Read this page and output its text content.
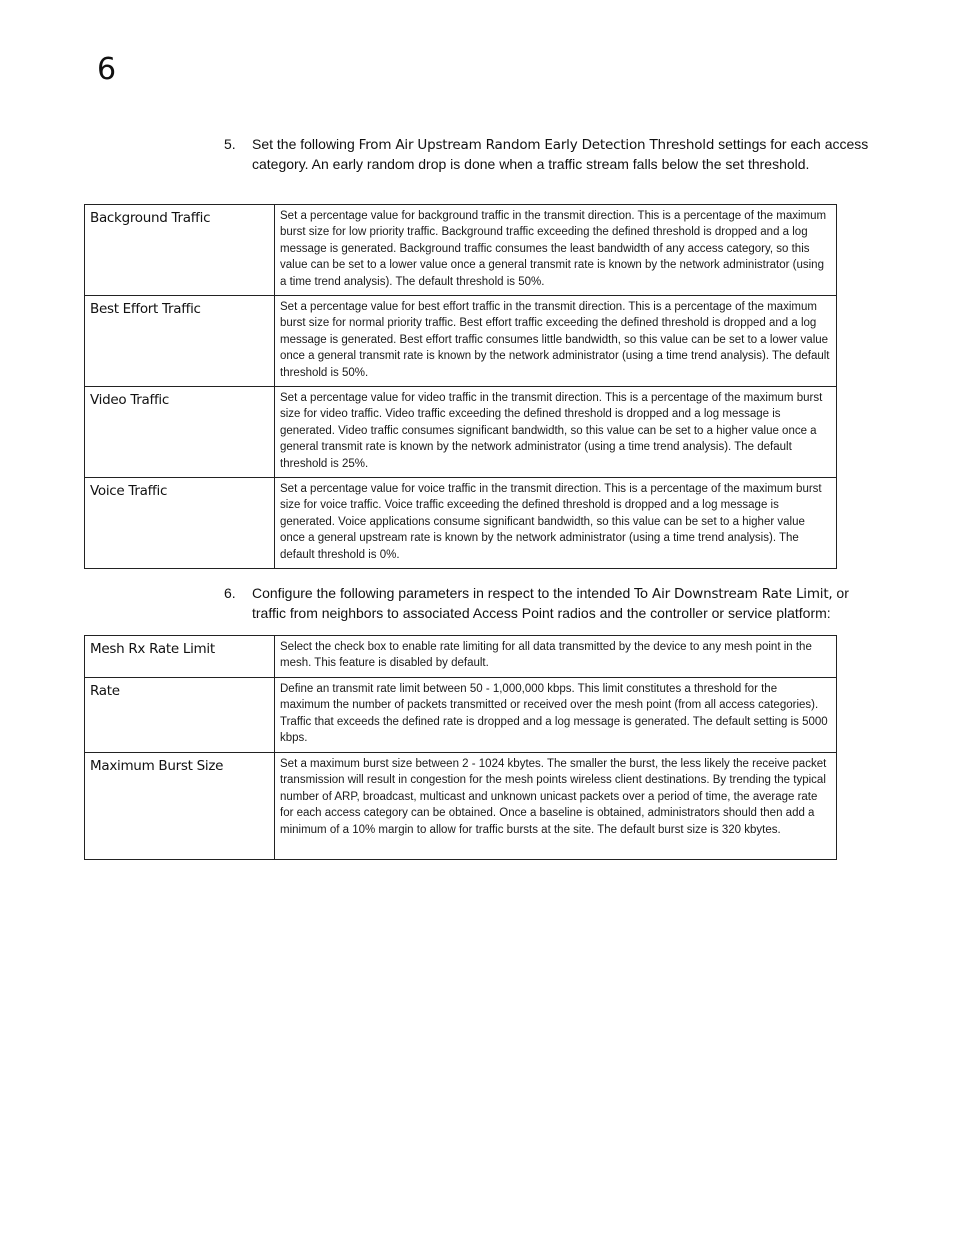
6
5. Set the following From Air Upstream Random Early Detection Threshold settings for each access category. An early random drop is done when a traffic stream falls below the set threshold.
Background Traffic	Set a percentage value for background traffic in the transmit direction. This is a percentage of the maximum burst size for low priority traffic. Background traffic exceeding the defined threshold is dropped and a log message is generated. Background traffic consumes the least bandwidth of any access category, so this value can be set to a lower value once a general transmit rate is known by the network administrator (using a time trend analysis). The default threshold is 50%.

Best Effort Traffic	Set a percentage value for best effort traffic in the transmit direction. This is a percentage of the maximum burst size for normal priority traffic. Best effort traffic exceeding the defined threshold is dropped and a log message is generated. Best effort traffic consumes little bandwidth, so this value can be set to a lower value once a general transmit rate is known by the network administrator (using a time trend analysis). The default threshold is 50%.

Video Traffic	Set a percentage value for video traffic in the transmit direction. This is a percentage of the maximum burst size for video traffic. Video traffic exceeding the defined threshold is dropped and a log message is generated. Video traffic consumes significant bandwidth, so this value can be set to a higher value once a general transmit rate is known by the network administrator (using a time trend analysis). The default threshold is 25%.

Voice Traffic	Set a percentage value for voice traffic in the transmit direction. This is a percentage of the maximum burst size for voice traffic. Voice traffic exceeding the defined threshold is dropped and a log message is generated. Voice applications consume significant bandwidth, so this value can be set to a higher value once a general upstream rate is known by the network administrator (using a time trend analysis). The default threshold is 0%.
6. Configure the following parameters in respect to the intended To Air Downstream Rate Limit, or traffic from neighbors to associated Access Point radios and the controller or service platform:
Mesh Rx Rate Limit	Select the check box to enable rate limiting for all data transmitted by the device to any mesh point in the mesh. This feature is disabled by default.

Rate	Define an transmit rate limit between 50 - 1,000,000 kbps. This limit constitutes a threshold for the maximum the number of packets transmitted or received over the mesh point (from all access categories). Traffic that exceeds the defined rate is dropped and a log message is generated. The default setting is 5000 kbps.

Maximum Burst Size	Set a maximum burst size between 2 - 1024 kbytes. The smaller the burst, the less likely the receive packet transmission will result in congestion for the mesh points wireless client destinations. By trending the typical number of ARP, broadcast, multicast and unknown unicast packets over a period of time, the average rate for each access category can be obtained. Once a baseline is obtained, administrators should then add a minimum of a 10% margin to allow for traffic bursts at the site. The default burst size is 320 kbytes.
